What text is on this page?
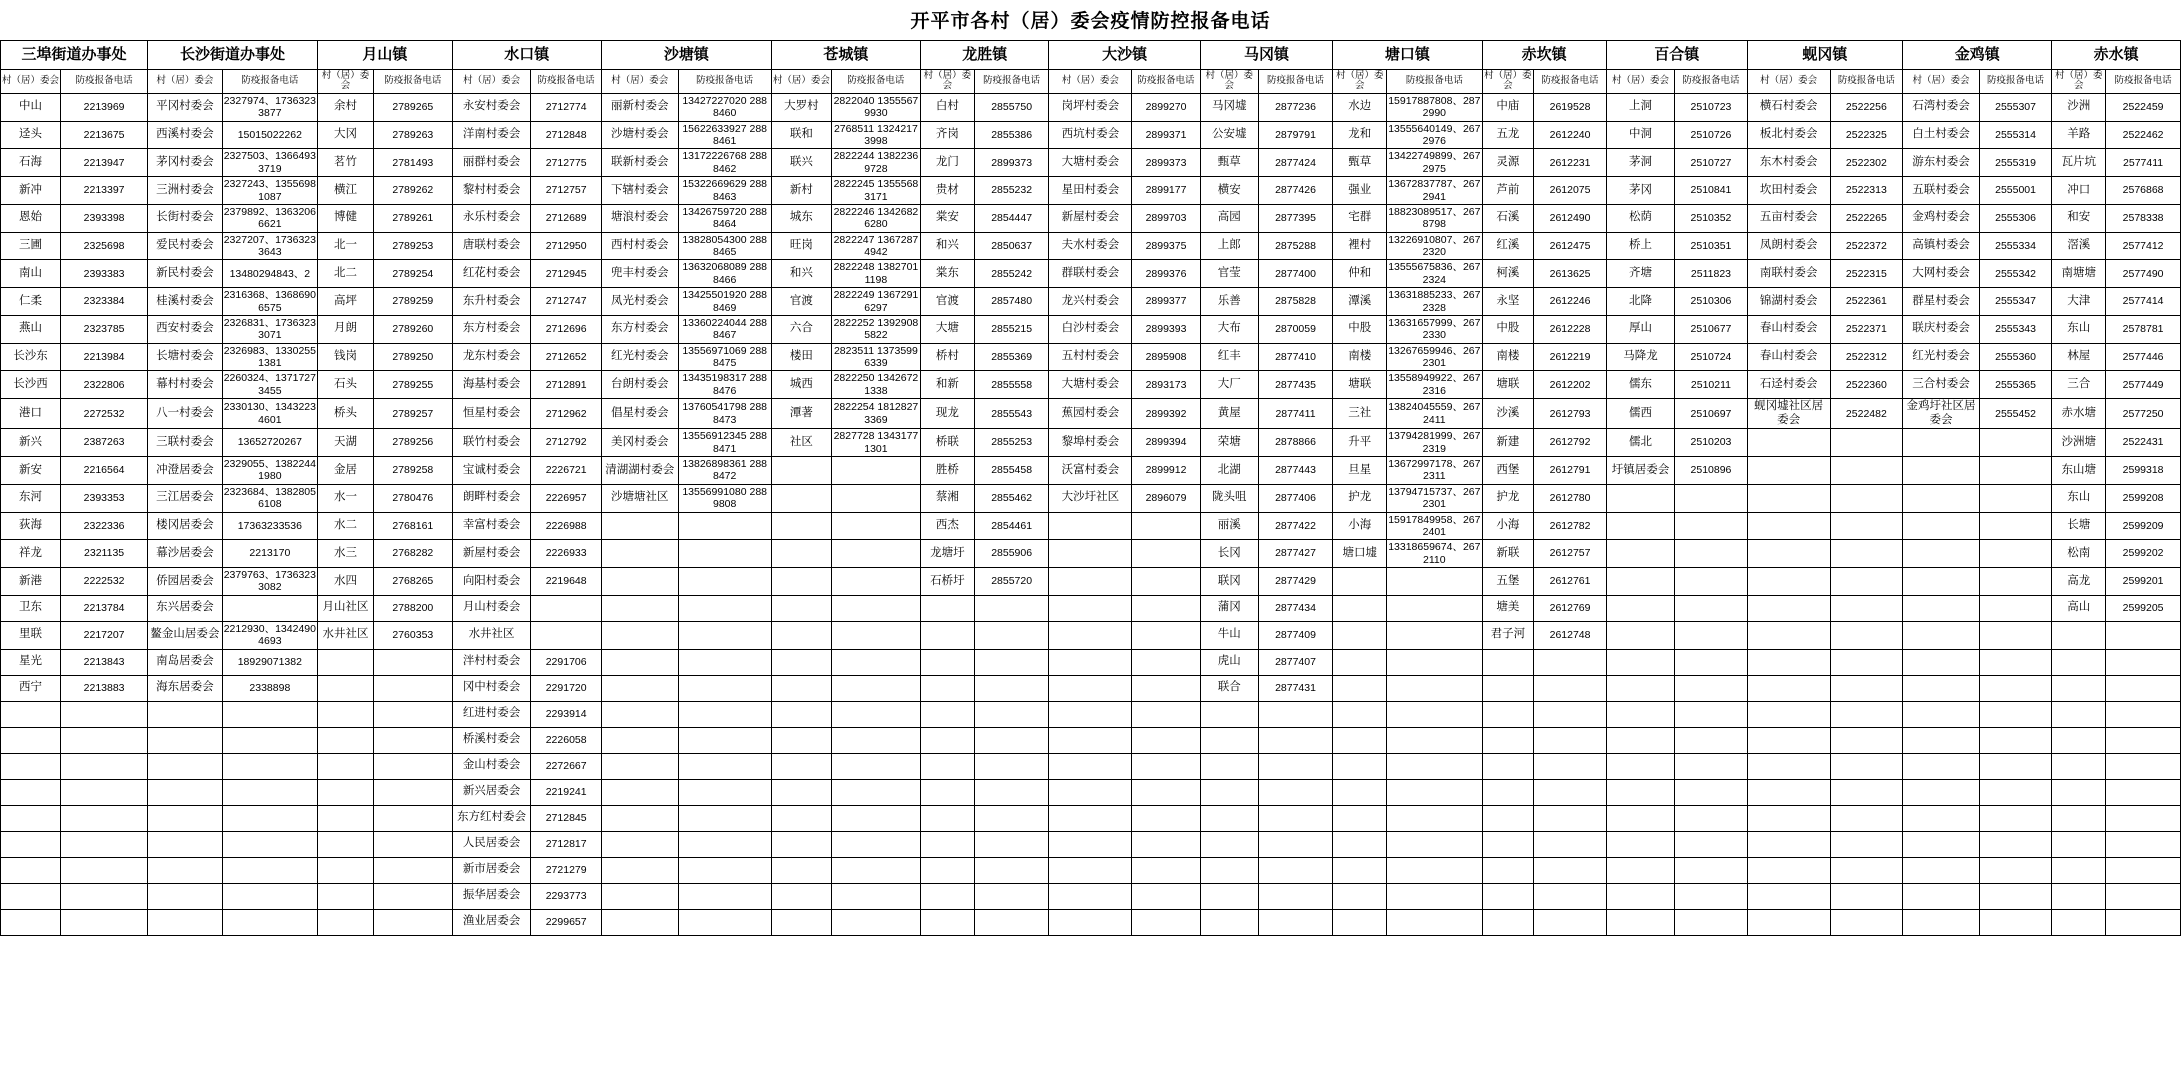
开平市各村（居）委会疫情防控报备电话
三埠街道办事处		长沙街道办事处		月山镇		水口镇		沙塘镇		苍城镇		龙胜镇		大沙镇		马冈镇		塘口镇		赤坎镇		百合镇		蚬冈镇		金鸡镇		赤水镇	
村（居）委会	防疫报备电话	村（居）委会	防疫报备电话	村（居）委会	防疫报备电话	村（居）委会	防疫报备电话	村（居）委会	防疫报备电话	村（居）委会	防疫报备电话	村（居）委会	防疫报备电话	村（居）委会	防疫报备电话	村（居）委会	防疫报备电话	村（居）委会	防疫报备电话	村（居）委会	防疫报备电话	村（居）委会	防疫报备电话	村（居）委会	防疫报备电话	村（居）委会	防疫报备电话	村（居）委会	防疫报备电话
中山	2213969	平冈村委会	2327974、17363233877	余村	2789265	永安村委会	2712774	丽新村委会	13427227020 2888460	大罗村	2822040 13555679930	白村	2855750	岗坪村委会	2899270	马冈墟	2877236	水边	15917887808、2872990	中庙	2619528	上洞	2510723	横石村委会	2522256	石湾村委会	2555307	沙洲	2522459
迳头	2213675	西溪村委会	15015022262	大冈	2789263	洋南村委会	2712848	沙塘村委会	15622633927 2888461	联和	2768511 13242173998	齐岗	2855386	西坑村委会	2899371	公安墟	2879791	龙和	13555640149、2672976	五龙	2612240	中洞	2510726	板北村委会	2522325	白土村委会	2555314	羊路	2522462
石海	2213947	茅冈村委会	2327503、13664933719	茗竹	2781493	丽群村委会	2712775	联新村委会	13172226768 2888462	联兴	2822244 13822369728	龙门	2899373	大塘村委会	2899373	甄草	2877424	甄草	13422749899、2672975	灵源	2612231	茅洞	2510727	东木村委会	2522302	游东村委会	2555319	瓦片坑	2577411
新冲	2213397	三洲村委会	2327243、13556981087	横江	2789262	黎村村委会	2712757	下辖村委会	15322669629 2888463	新村	2822245 13555683171	贵材	2855232	星田村委会	2899177	横安	2877426	强业	13672837787、2672941	芦前	2612075	茅冈	2510841	坎田村委会	2522313	五联村委会	2555001	冲口	2576868
恩始	2393398	长街村委会	2379892、13632066621	博健	2789261	永乐村委会	2712689	塘浪村委会	13426759720 2888464	城东	2822246 13426826280	棠安	2854447	新屋村委会	2899703	高园	2877395	宅群	18823089517、2678798	石溪	2612490	松荫	2510352	五亩村委会	2522265	金鸡村委会	2555306	和安	2578338
三圃	2325698	爱民村委会	2327207、17363233643	北一	2789253	唐联村委会	2712950	西村村委会	13828054300 2888465	旺岗	2822247 13672874942	和兴	2850637	夫水村委会	2899375	上郎	2875288	裡村	13226910807、2672320	红溪	2612475	桥上	2510351	凤朗村委会	2522372	高镇村委会	2555334	滘溪	2577412
南山	2393383	新民村委会	13480294843、2	北二	2789254	红花村委会	2712945	兜丰村委会	13632068089 2888466	和兴	2822248 13827011198	棠东	2855242	群联村委会	2899376	官莹	2877400	仲和	13555675836、2672324	柯溪	2613625	齐塘	2511823	南联村委会	2522315	大网村委会	2555342	南塘塘	2577490
仁柔	2323384	桂溪村委会	2316368、13686906575	高坪	2789259	东升村委会	2712747	凤光村委会	13425501920 2888469	官渡	2822249 13672916297	官渡	2857480	龙兴村委会	2899377	乐善	2875828	潭溪	13631885233、2672328	永坚	2612246	北降	2510306	锦湖村委会	2522361	群星村委会	2555347	大津	2577414
燕山	2323785	西安村委会	2326831、17363233071	月朗	2789260	东方村委会	2712696	东方村委会	13360224044 2888467	六合	2822252 13929085822	大塘	2855215	白沙村委会	2899393	大布	2870059	中股	13631657999、2672330	中股	2612228	厚山	2510677	春山村委会	2522371	联庆村委会	2555343	东山	2578781
长沙东	2213984	长塘村委会	2326983、13302551381	钱岗	2789250	龙东村委会	2712652	红光村委会	13556971069 2888475	楼田	2823511 13735996339	桥村	2855369	五村村委会	2895908	红丰	2877410	南楼	13267659946、2672301	南楼	2612219	马降龙	2510724	春山村委会	2522312	红光村委会	2555360	林屋	2577446
长沙西	2322806	幕村村委会	2260324、13717273455	石头	2789255	海基村委会	2712891	台朗村委会	13435198317 2888476	城西	2822250 13426721338	和新	2855558	大塘村委会	2893173	大厂	2877435	塘联	13558949922、2672316	塘联	2612202	儒东	2510211	石迳村委会	2522360	三合村委会	2555365	三合	2577449
港口	2272532	八一村委会	2330130、13432234601	桥头	2789257	恒星村委会	2712962	倡星村委会	13760541798 2888473	潭著	2822254 18128273369	现龙	2855543	蕉园村委会	2899392	黄屋	2877411	三社	13824045559、2672411	沙溪	2612793	儒西	2510697	蚬冈墟社区居委会	2522482	金鸡圩社区居委会	2555452	赤水塘	2577250
新兴	2387263	三联村委会	13652720267	天湖	2789256	联竹村委会	2712792	美冈村委会	13556912345 2888471	社区	2827728 13431771301	桥联	2855253	黎埠村委会	2899394	荣塘	2878866	升平	13794281999、2672319	新建	2612792	儒北	2510203					沙洲塘	2522431
新安	2216564	冲澄居委会	2329055、13822441980	金居	2789258	宝诚村委会	2226721	清湖湖村委会	13826898361 2888472			胜桥	2855458	沃富村委会	2899912	北湖	2877443	旦星	13672997178、2672311	西堡	2612791	圩镇居委会	2510896					东山塘	2599318
东河	2393353	三江居委会	2323684、13828056108	水一	2780476	朗畔村委会	2226957	沙塘塘社区	13556991080 2889808			蔡湘	2855462	大沙圩社区	2896079	陇头咀	2877406	护龙	13794715737、2672301	护龙	2612780							东山	2599208
荻海	2322336	楼冈居委会	17363233536	水二	2768161	幸富村委会	2226988					西杰	2854461			丽溪	2877422	小海	15917849958、2672401	小海	2612782							长塘	2599209
祥龙	2321135	幕沙居委会	2213170	水三	2768282	新屋村委会	2226933					龙塘圩	2855906			长冈	2877427	塘口墟	13318659674、2672110	新联	2612757							松南	2599202
新港	2222532	侨园居委会	2379763、17363233082	水四	2768265	向阳村委会	2219648					石桥圩	2855720			联冈	2877429			五堡	2612761							高龙	2599201
卫东	2213784	东兴居委会		月山社区	2788200	月山村委会										蒲冈	2877434			塘美	2612769							高山	2599205
里联	2217207	鳌金山居委会	2212930、13424904693	水井社区	2760353	水井社区										牛山	2877409			君子河	2612748								
星光	2213843	南岛居委会	18929071382			泮村村委会	2291706									虎山	2877407												
西宁	2213883	海东居委会	2338898			冈中村委会	2291720									联合	2877431												
						红进村委会	2293914																						
						桥溪村委会	2226058																						
						金山村委会	2272667																						
						新兴居委会	2219241																						
						东方红村委会	2712845																						
						人民居委会	2712817																						
						新市居委会	2721279																						
						振华居委会	2293773																						
						渔业居委会	2299657																						
